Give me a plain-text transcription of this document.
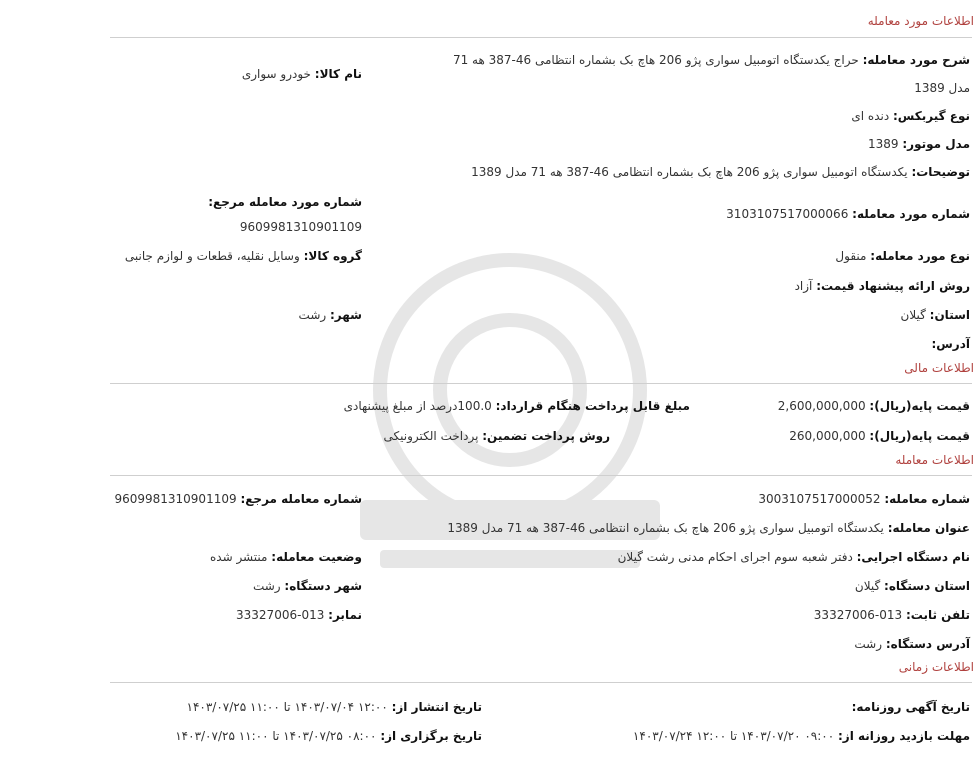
اطلاعات مورد معامله
شرح مورد معامله: حراج یکدستگاه اتومبیل سواری پژو 206 هاچ بک بشماره انتظامی 46-387 هه 71
مدل 1389
نام کالا: خودرو سواری
نوع گیربکس: دنده ای
مدل موتور: 1389
توضیحات: یکدستگاه اتومبیل سواری پژو 206 هاچ بک بشماره انتظامی 46-387 هه 71 مدل 1389
شماره مورد معامله مرجع:
9609981310901109
شماره مورد معامله: 3103107517000066
گروه کالا: وسایل نقلیه، قطعات و لوازم جانبی	نوع مورد معامله: منقول
روش ارائه پیشنهاد قیمت: آزاد
استان: گیلان
شهر: رشت
آدرس:
اطلاعات مالی
قیمت پایه(ریال): 2,600,000,000
مبلغ قابل پرداخت هنگام قرارداد: 100.0درصد از مبلغ پیشنهادی
قیمت پایه(ریال): 260,000,000
روش پرداخت تضمین: پرداخت الکترونیکی
اطلاعات معامله
شماره معامله: 3003107517000052
شماره معامله مرجع: 9609981310901109
عنوان معامله: یکدستگاه اتومبیل سواری پژو 206 هاچ بک بشماره انتظامی 46-387 هه 71 مدل 1389
نام دستگاه اجرایی: دفتر شعبه سوم اجرای احکام مدنی رشت گیلان
وضعیت معامله: منتشر شده
استان دستگاه: گیلان
شهر دستگاه: رشت
تلفن ثابت: 013-33327006
نمابر: 013-33327006
آدرس دستگاه: رشت
اطلاعات زمانی
تاریخ آگهی روزنامه:
تاریخ انتشار از: ۱۲:۰۰ ۱۴۰۳/۰۷/۰۴ تا ۱۱:۰۰ ۱۴۰۳/۰۷/۲۵
مهلت بازدید روزانه از: ۰۹:۰۰ ۱۴۰۳/۰۷/۲۰ تا ۱۲:۰۰ ۱۴۰۳/۰۷/۲۴
تاریخ برگزاری از: ۰۸:۰۰ ۱۴۰۳/۰۷/۲۵ تا ۱۱:۰۰ ۱۴۰۳/۰۷/۲۵
